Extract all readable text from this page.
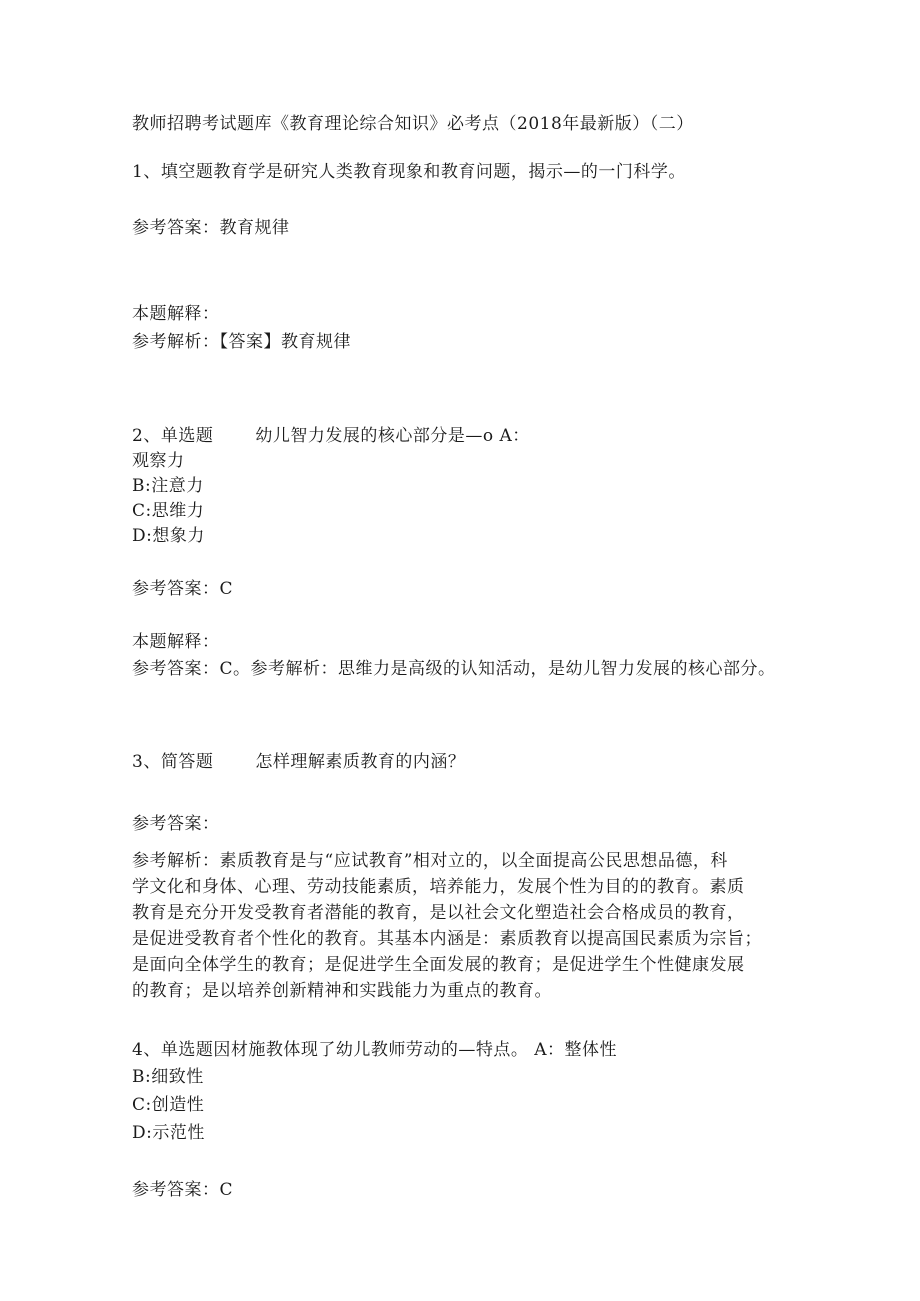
教师招聘考试题库《教育理论综合知识》必考点（2018年最新版）（二）
1、填空题教育学是研究人类教育现象和教育问题，揭示—的一门科学。
参考答案：教育规律
本题解释：
参考解析：【答案】教育规律
2、单选题 幼儿智力发展的核心部分是—o A：
观察力
B:注意力
C:思维力
D:想象力
参考答案：C
本题解释：
参考答案：C。参考解析：思维力是高级的认知活动，是幼儿智力发展的核心部分。
3、简答题 怎样理解素质教育的内涵？
参考答案：
参考解析：素质教育是与“应试教育”相对立的，以全面提高公民思想品德，科
学文化和身体、心理、劳动技能素质，培养能力，发展个性为目的的教育。素质
教育是充分开发受教育者潜能的教育，是以社会文化塑造社会合格成员的教育，
是促进受教育者个性化的教育。其基本内涵是：素质教育以提高国民素质为宗旨；
是面向全体学生的教育；是促进学生全面发展的教育；是促进学生个性健康发展
的教育；是以培养创新精神和实践能力为重点的教育。
4、单选题因材施教体现了幼儿教师劳动的—特点。 A：整体性
B:细致性
C:创造性
D:示范性
参考答案：C
